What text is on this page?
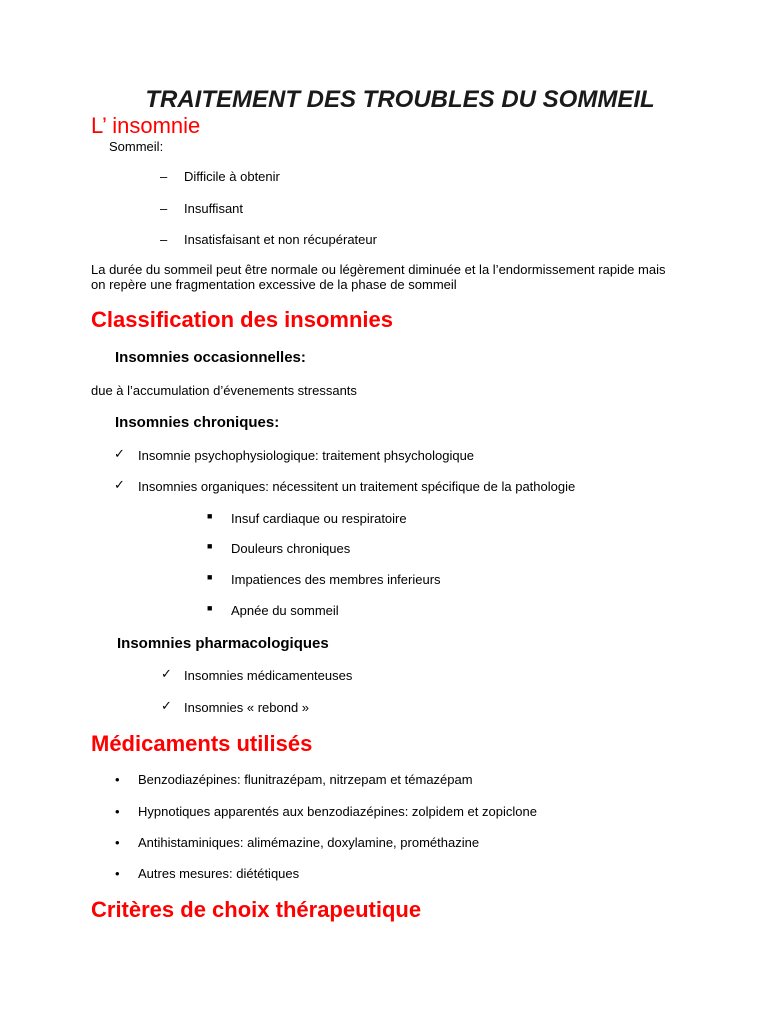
TRAITEMENT DES TROUBLES DU SOMMEIL
L’ insomnie
Sommeil:
– Difficile à obtenir
– Insuffisant
– Insatisfaisant et non récupérateur
La durée du sommeil peut être normale ou légèrement diminuée et la l’endormissement rapide mais
on repère une fragmentation excessive de la phase de sommeil
Classification des insomnies
Insomnies occasionnelles:
due à l’accumulation d’évenements stressants
Insomnies chroniques:
✓ Insomnie psychophysiologique: traitement phsychologique
✓ Insomnies organiques: nécessitent un traitement spécifique de la pathologie
■ Insuf cardiaque ou respiratoire
■ Douleurs chroniques
■ Impatiences des membres inferieurs
■ Apnée du sommeil
Insomnies pharmacologiques
✓ Insomnies médicamenteuses
✓ Insomnies « rebond »
Médicaments utilisés
• Benzodiazépines: flunitrazépam, nitrzepam et témazépam
• Hypnotiques apparentés aux benzodiazépines: zolpidem et zopiclone
• Antihistaminiques: alimémazine, doxylamine, prométhazine
• Autres mesures: diététiques
Critères de choix thérapeutique
